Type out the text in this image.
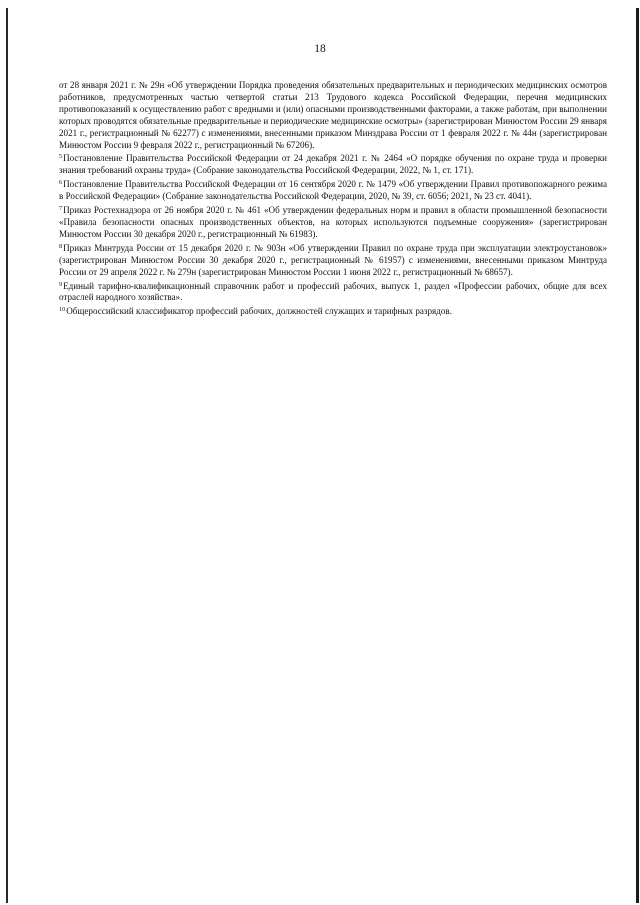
18

от 28 января 2021 г. № 29н «Об утверждении Порядка проведения обязательных предварительных и периодических медицинских осмотров работников, предусмотренных частью четвертой статьи 213 Трудового кодекса Российской Федерации, перечня медицинских противопоказаний к осуществлению работ с вредными и (или) опасными производственными факторами, а также работам, при выполнении которых проводятся обязательные предварительные и периодические медицинские осмотры» (зарегистрирован Минюстом России 29 января 2021 г., регистрационный № 62277) с изменениями, внесенными приказом Минздрава России от 1 февраля 2022 г. № 44н (зарегистрирован Минюстом России 9 февраля 2022 г., регистрационный № 67206).

$^5$Постановление Правительства Российской Федерации от 24 декабря 2021 г. № 2464 «О порядке обучения по охране труда и проверки знания требований охраны труда» (Собрание законодательства Российской Федерации, 2022, № 1, ст. 171).

$^6$Постановление Правительства Российской Федерации от 16 сентября 2020 г. № 1479 «Об утверждении Правил противопожарного режима в Российской Федерации» (Собрание законодательства Российской Федерации, 2020, № 39, ст. 6056; 2021, № 23 ст. 4041).

$^7$Приказ Ростехнадзора от 26 ноября 2020 г. № 461 «Об утверждении федеральных норм и правил в области промышленной безопасности «Правила безопасности опасных производственных объектов, на которых используются подъемные сооружения» (зарегистрирован Минюстом России 30 декабря 2020 г., регистрационный № 61983).

$^8$Приказ Минтруда России от 15 декабря 2020 г. № 903н «Об утверждении Правил по охране труда при эксплуатации электроустановок» (зарегистрирован Минюстом России 30 декабря 2020 г., регистрационный № 61957) с изменениями, внесенными приказом Минтруда России от 29 апреля 2022 г. № 279н (зарегистрирован Минюстом России 1 июня 2022 г., регистрационный № 68657).

$^9$Единый тарифно-квалификационный справочник работ и профессий рабочих, выпуск 1, раздел «Профессии рабочих, общие для всех отраслей народного хозяйства».

$^{10}$Общероссийский классификатор профессий рабочих, должностей служащих и тарифных разрядов.
